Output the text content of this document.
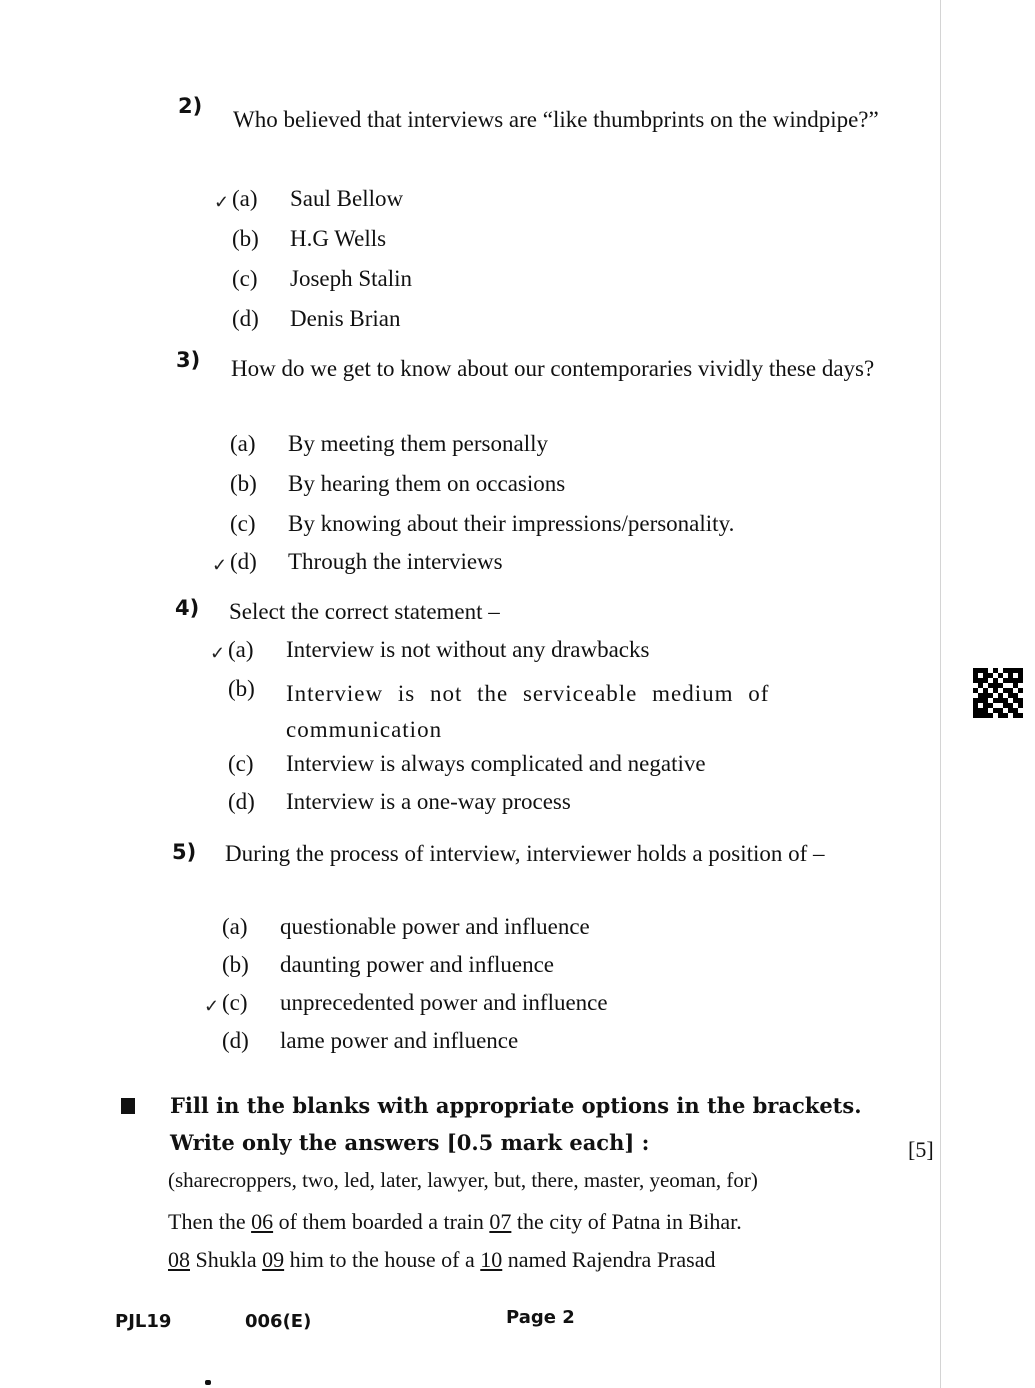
2)
Who believed that interviews are “like thumbprints on the windpipe?”
✓ (a) Saul Bellow
(b) H.G Wells
(c) Joseph Stalin
(d) Denis Brian
3) How do we get to know about our contemporaries vividly these days?
(a) By meeting them personally
(b) By hearing them on occasions
(c) By knowing about their impressions/personality.
✓ (d) Through the interviews
4) Select the correct statement –
✓ (a) Interview is not without any drawbacks
(b) Interview is not the serviceable medium of communication
(c) Interview is always complicated and negative
(d) Interview is a one-way process
5) During the process of interview, interviewer holds a position of –
(a) questionable power and influence
(b) daunting power and influence
✓ (c) unprecedented power and influence
(d) lame power and influence
Fill in the blanks with appropriate options in the brackets.
Write only the answers [0.5 mark each] :	[5]
(sharecroppers, two, led, later, lawyer, but, there, master, yeoman, for)
Then the 06 of them boarded a train 07 the city of Patna in Bihar.
08 Shukla 09 him to the house of a 10 named Rajendra Prasad
PJL19	006(E)	Page 2
